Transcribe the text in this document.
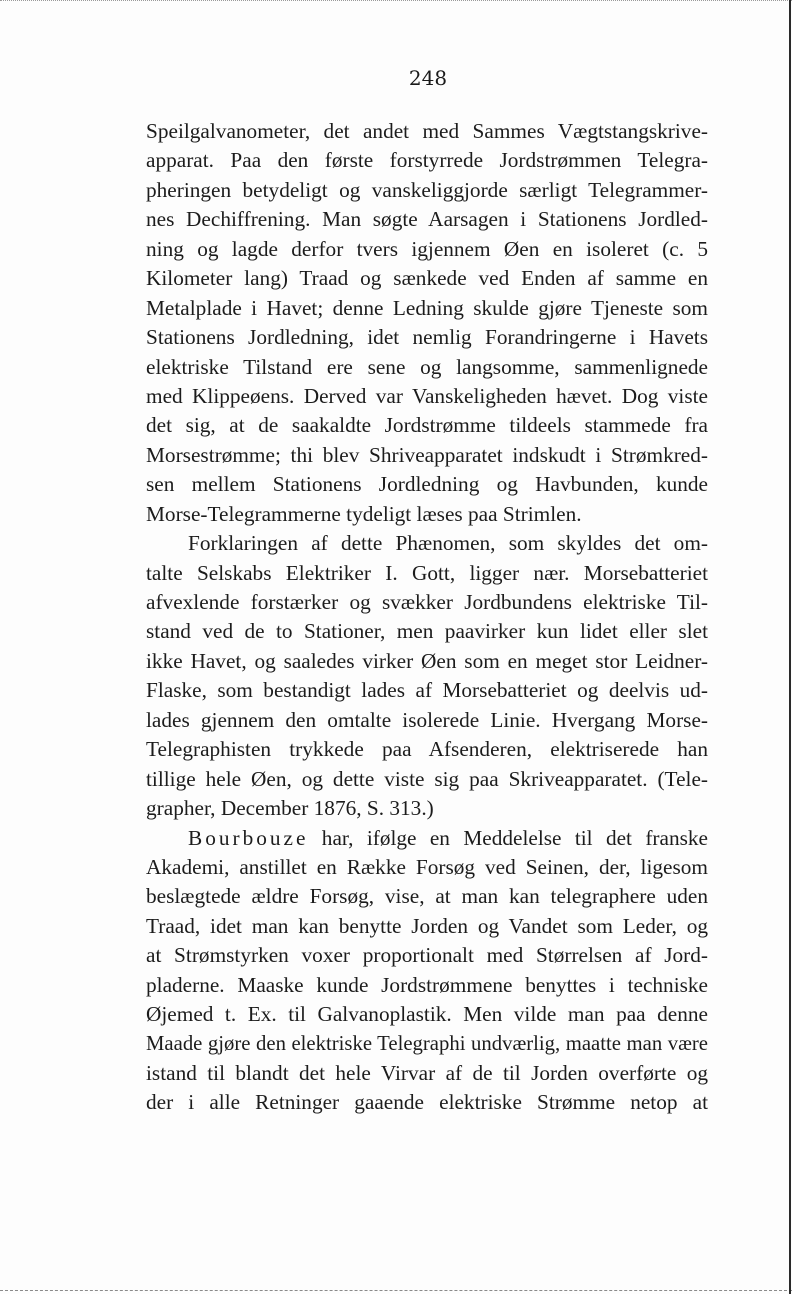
248
Speilgalvanometer, det andet med Sammes Vægtstangskrive-
apparat. Paa den første forstyrrede Jordstrømmen Telegra-
pheringen betydeligt og vanskeliggjorde særligt Telegrammer-
nes Dechiffrening. Man søgte Aarsagen i Stationens Jordled-
ning og lagde derfor tvers igjennem Øen en isoleret (c. 5
Kilometer lang) Traad og sænkede ved Enden af samme en
Metalplade i Havet; denne Ledning skulde gjøre Tjeneste som
Stationens Jordledning, idet nemlig Forandringerne i Havets
elektriske Tilstand ere sene og langsomme, sammenlignede
med Klippeøens. Derved var Vanskeligheden hævet. Dog viste
det sig, at de saakaldte Jordstrømme tildeels stammede fra
Morsestrømme; thi blev Shriveapparatet indskudt i Strømkred-
sen mellem Stationens Jordledning og Havbunden, kunde
Morse-Telegrammerne tydeligt læses paa Strimlen.
Forklaringen af dette Phænomen, som skyldes det om-
talte Selskabs Elektriker I. Gott, ligger nær. Morsebatteriet
afvexlende forstærker og svækker Jordbundens elektriske Til-
stand ved de to Stationer, men paavirker kun lidet eller slet
ikke Havet, og saaledes virker Øen som en meget stor Leidner-
Flaske, som bestandigt lades af Morsebatteriet og deelvis ud-
lades gjennem den omtalte isolerede Linie. Hvergang Morse-
Telegraphisten trykkede paa Afsenderen, elektriserede han
tillige hele Øen, og dette viste sig paa Skriveapparatet. (Tele-
grapher, December 1876, S. 313.)
Bourbouze har, ifølge en Meddelelse til det franske
Akademi, anstillet en Række Forsøg ved Seinen, der, ligesom
beslægtede ældre Forsøg, vise, at man kan telegraphere uden
Traad, idet man kan benytte Jorden og Vandet som Leder, og
at Strømstyrken voxer proportionalt med Størrelsen af Jord-
pladerne. Maaske kunde Jordstrømmene benyttes i techniske
Øjemed t. Ex. til Galvanoplastik. Men vilde man paa denne
Maade gjøre den elektriske Telegraphi undværlig, maatte man være
istand til blandt det hele Virvar af de til Jorden overførte og
der i alle Retninger gaaende elektriske Strømme netop at
